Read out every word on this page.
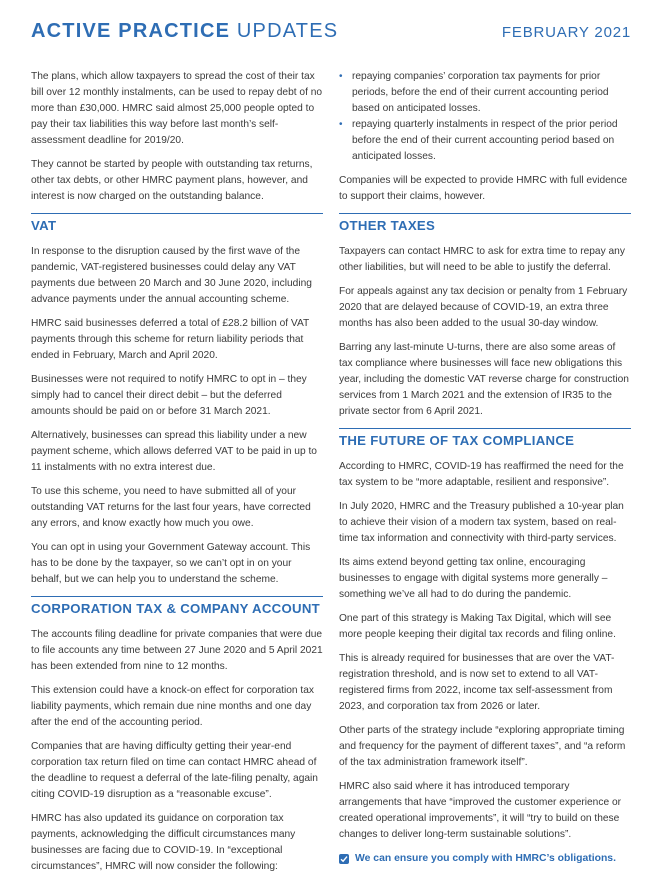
ACTIVE PRACTICE UPDATES	FEBRUARY 2021

The plans, which allow taxpayers to spread the cost of their tax bill over 12 monthly instalments, can be used to repay debt of no more than £30,000. HMRC said almost 25,000 people opted to pay their tax liabilities this way before last month’s self-assessment deadline for 2019/20.

They cannot be started by people with outstanding tax returns, other tax debts, or other HMRC payment plans, however, and interest is now charged on the outstanding balance.

VAT

In response to the disruption caused by the first wave of the pandemic, VAT-registered businesses could delay any VAT payments due between 20 March and 30 June 2020, including advance payments under the annual accounting scheme.

HMRC said businesses deferred a total of £28.2 billion of VAT payments through this scheme for return liability periods that ended in February, March and April 2020.

Businesses were not required to notify HMRC to opt in – they simply had to cancel their direct debit – but the deferred amounts should be paid on or before 31 March 2021.

Alternatively, businesses can spread this liability under a new payment scheme, which allows deferred VAT to be paid in up to 11 instalments with no extra interest due.

To use this scheme, you need to have submitted all of your outstanding VAT returns for the last four years, have corrected any errors, and know exactly how much you owe.

You can opt in using your Government Gateway account. This has to be done by the taxpayer, so we can’t opt in on your behalf, but we can help you to understand the scheme.

CORPORATION TAX & COMPANY ACCOUNT

The accounts filing deadline for private companies that were due to file accounts any time between 27 June 2020 and 5 April 2021 has been extended from nine to 12 months.

This extension could have a knock-on effect for corporation tax liability payments, which remain due nine months and one day after the end of the accounting period.

Companies that are having difficulty getting their year-end corporation tax return filed on time can contact HMRC ahead of the deadline to request a deferral of the late-filing penalty, again citing COVID-19 disruption as a “reasonable excuse”.

HMRC has also updated its guidance on corporation tax payments, acknowledging the difficult circumstances many businesses are facing due to COVID-19. In “exceptional circumstances”, HMRC will now consider the following:

• repaying companies’ corporation tax payments for prior periods, before the end of their current accounting period based on anticipated losses.
• repaying quarterly instalments in respect of the prior period before the end of their current accounting period based on anticipated losses.

Companies will be expected to provide HMRC with full evidence to support their claims, however.

OTHER TAXES

Taxpayers can contact HMRC to ask for extra time to repay any other liabilities, but will need to be able to justify the deferral.

For appeals against any tax decision or penalty from 1 February 2020 that are delayed because of COVID-19, an extra three months has also been added to the usual 30-day window.

Barring any last-minute U-turns, there are also some areas of tax compliance where businesses will face new obligations this year, including the domestic VAT reverse charge for construction services from 1 March 2021 and the extension of IR35 to the private sector from 6 April 2021.

THE FUTURE OF TAX COMPLIANCE

According to HMRC, COVID-19 has reaffirmed the need for the tax system to be “more adaptable, resilient and responsive”.

In July 2020, HMRC and the Treasury published a 10-year plan to achieve their vision of a modern tax system, based on real-time tax information and connectivity with third-party services.

Its aims extend beyond getting tax online, encouraging businesses to engage with digital systems more generally – something we’ve all had to do during the pandemic.

One part of this strategy is Making Tax Digital, which will see more people keeping their digital tax records and filing online.

This is already required for businesses that are over the VAT-registration threshold, and is now set to extend to all VAT-registered firms from 2022, income tax self-assessment from 2023, and corporation tax from 2026 or later.

Other parts of the strategy include “exploring appropriate timing and frequency for the payment of different taxes”, and “a reform of the tax administration framework itself”.

HMRC also said where it has introduced temporary arrangements that have “improved the customer experience or created operational improvements”, it will “try to build on these changes to deliver long-term sustainable solutions”.

We can ensure you comply with HMRC’s obligations.
